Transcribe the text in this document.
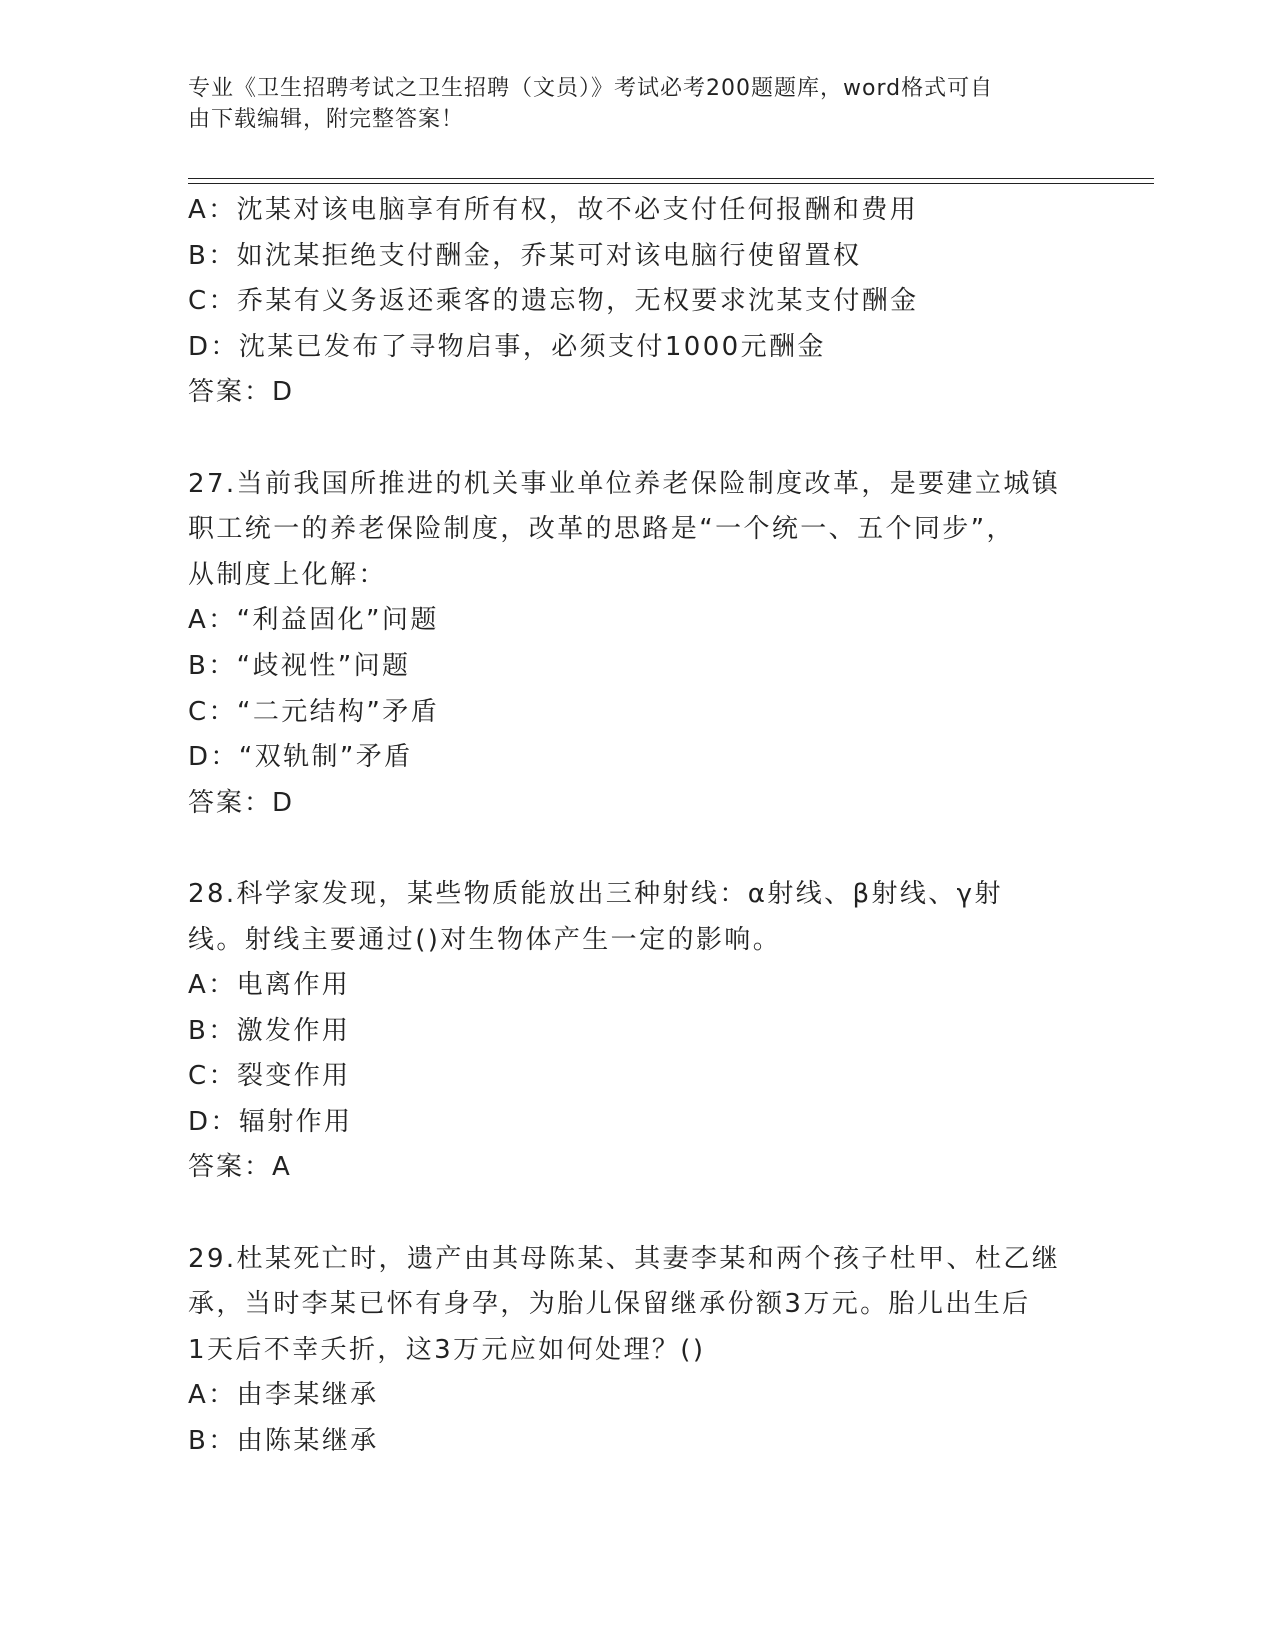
专业《卫生招聘考试之卫生招聘（文员）》考试必考200题题库，word格式可自
由下载编辑，附完整答案！
A：沈某对该电脑享有所有权，故不必支付任何报酬和费用
B：如沈某拒绝支付酬金，乔某可对该电脑行使留置权
C：乔某有义务返还乘客的遗忘物，无权要求沈某支付酬金
D：沈某已发布了寻物启事，必须支付1000元酬金
答案：D
27.当前我国所推进的机关事业单位养老保险制度改革，是要建立城镇
职工统一的养老保险制度，改革的思路是“一个统一、五个同步”，
从制度上化解：
A：“利益固化”问题
B：“歧视性”问题
C：“二元结构”矛盾
D：“双轨制”矛盾
答案：D
28.科学家发现，某些物质能放出三种射线：α射线、β射线、γ射
线。射线主要通过()对生物体产生一定的影响。
A：电离作用
B：激发作用
C：裂变作用
D：辐射作用
答案：A
29.杜某死亡时，遗产由其母陈某、其妻李某和两个孩子杜甲、杜乙继
承，当时李某已怀有身孕，为胎儿保留继承份额3万元。胎儿出生后
1天后不幸夭折，这3万元应如何处理？()
A：由李某继承
B：由陈某继承
